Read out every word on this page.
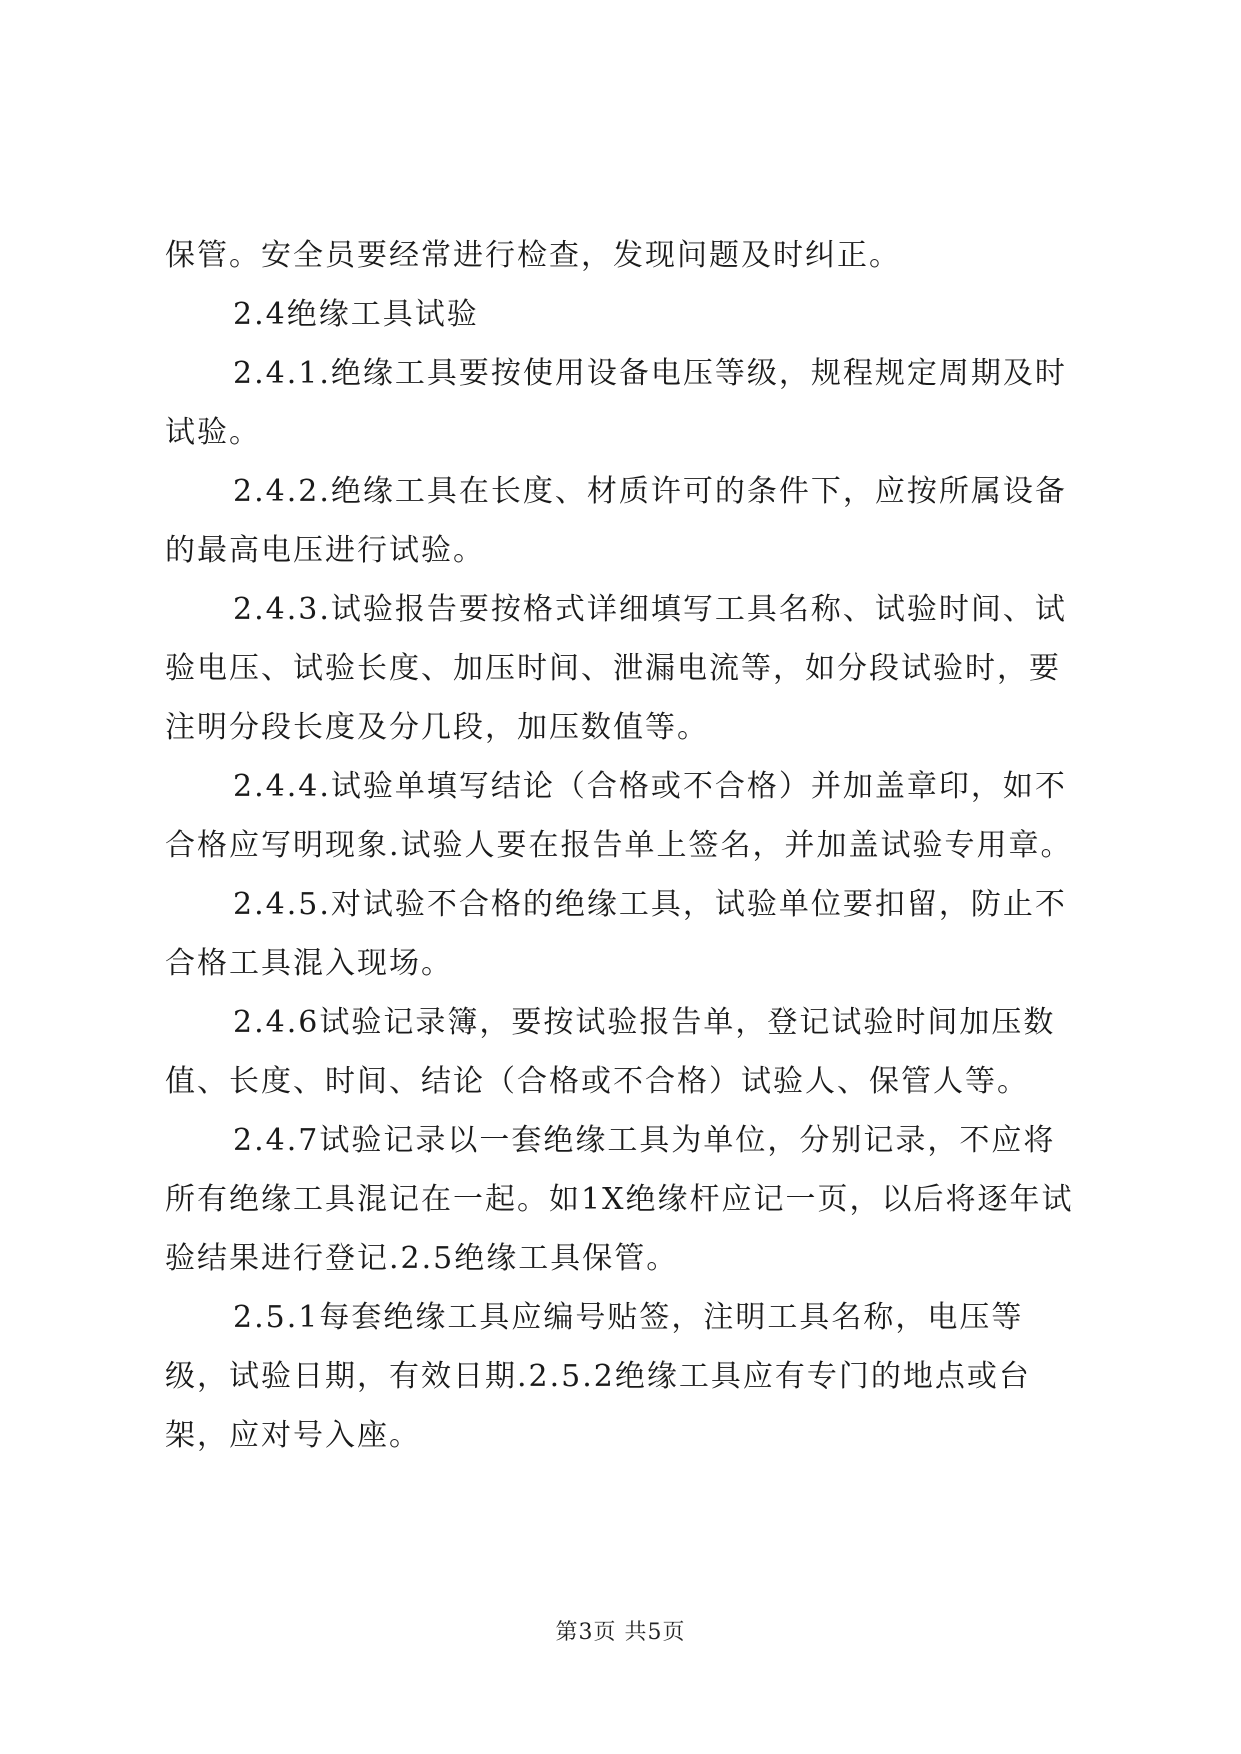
保管。安全员要经常进行检查，发现问题及时纠正。

2.4绝缘工具试验

2.4.1.绝缘工具要按使用设备电压等级，规程规定周期及时试验。

2.4.2.绝缘工具在长度、材质许可的条件下，应按所属设备的最高电压进行试验。

2.4.3.试验报告要按格式详细填写工具名称、试验时间、试验电压、试验长度、加压时间、泄漏电流等，如分段试验时，要注明分段长度及分几段，加压数值等。

2.4.4.试验单填写结论（合格或不合格）并加盖章印，如不合格应写明现象.试验人要在报告单上签名，并加盖试验专用章。

2.4.5.对试验不合格的绝缘工具，试验单位要扣留，防止不合格工具混入现场。

2.4.6试验记录簿，要按试验报告单，登记试验时间加压数值、长度、时间、结论（合格或不合格）试验人、保管人等。

2.4.7试验记录以一套绝缘工具为单位，分别记录，不应将所有绝缘工具混记在一起。如1X绝缘杆应记一页，以后将逐年试验结果进行登记.2.5绝缘工具保管。

2.5.1每套绝缘工具应编号贴签，注明工具名称，电压等级，试验日期，有效日期.2.5.2绝缘工具应有专门的地点或台架，应对号入座。

第3页 共5页
